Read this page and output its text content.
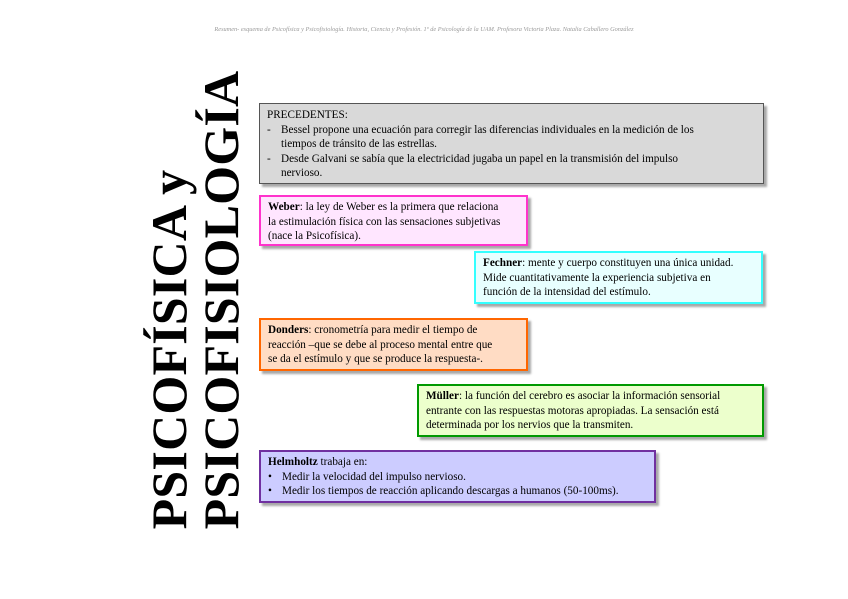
Resumen- esquema de Psicofísica y Psicofisiología. Historia, Ciencia y Profesión. 1º de Psicología de la UAM. Profesora Victoria Plaza. Natalia Caballero González
PSICOFÍSICA y
PSICOFISIOLOGÍA PRECEDENTES:
- Bessel propone una ecuación para corregir las diferencias individuales en la medición de los
tiempos de tránsito de las estrellas.
- Desde Galvani se sabía que la electricidad jugaba un papel en la transmisión del impulso
nervioso.
Weber: la ley de Weber es la primera que relaciona
la estimulación física con las sensaciones subjetivas
(nace la Psicofísica).
Fechner: mente y cuerpo constituyen una única unidad.
Mide cuantitativamente la experiencia subjetiva en
función de la intensidad del estímulo.
Donders: cronometría para medir el tiempo de
reacción –que se debe al proceso mental entre que
se da el estímulo y que se produce la respuesta-.
Müller: la función del cerebro es asociar la información sensorial
entrante con las respuestas motoras apropiadas. La sensación está
determinada por los nervios que la transmiten.
Helmholtz trabaja en:
• Medir la velocidad del impulso nervioso.
• Medir los tiempos de reacción aplicando descargas a humanos (50-100ms).
